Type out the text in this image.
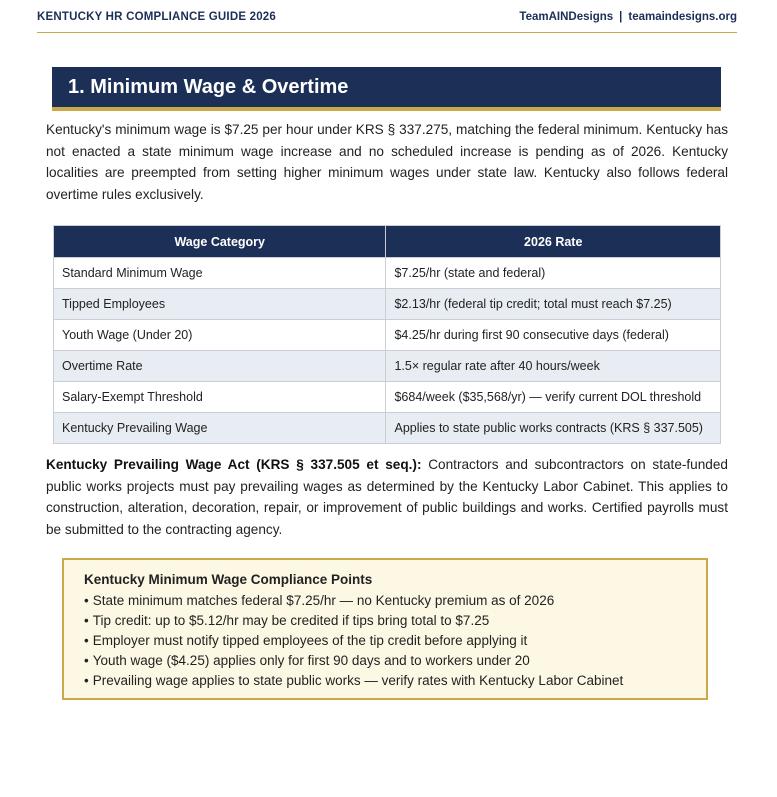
KENTUCKY HR COMPLIANCE GUIDE 2026	TeamAINDesigns | teamaindesigns.org
1. Minimum Wage & Overtime

Kentucky's minimum wage is $7.25 per hour under KRS § 337.275, matching the federal minimum. Kentucky has not enacted a state minimum wage increase and no scheduled increase is pending as of 2026. Kentucky localities are preempted from setting higher minimum wages under state law. Kentucky also follows federal overtime rules exclusively.

Wage Category	2026 Rate
Standard Minimum Wage	$7.25/hr (state and federal)
Tipped Employees	$2.13/hr (federal tip credit; total must reach $7.25)
Youth Wage (Under 20)	$4.25/hr during first 90 consecutive days (federal)
Overtime Rate	1.5× regular rate after 40 hours/week
Salary-Exempt Threshold	$684/week ($35,568/yr) — verify current DOL threshold
Kentucky Prevailing Wage	Applies to state public works contracts (KRS § 337.505)

Kentucky Prevailing Wage Act (KRS § 337.505 et seq.): Contractors and subcontractors on state-funded public works projects must pay prevailing wages as determined by the Kentucky Labor Cabinet. This applies to construction, alteration, decoration, repair, or improvement of public buildings and works. Certified payrolls must be submitted to the contracting agency.

Kentucky Minimum Wage Compliance Points
• State minimum matches federal $7.25/hr — no Kentucky premium as of 2026
• Tip credit: up to $5.12/hr may be credited if tips bring total to $7.25
• Employer must notify tipped employees of the tip credit before applying it
• Youth wage ($4.25) applies only for first 90 days and to workers under 20
• Prevailing wage applies to state public works — verify rates with Kentucky Labor Cabinet
